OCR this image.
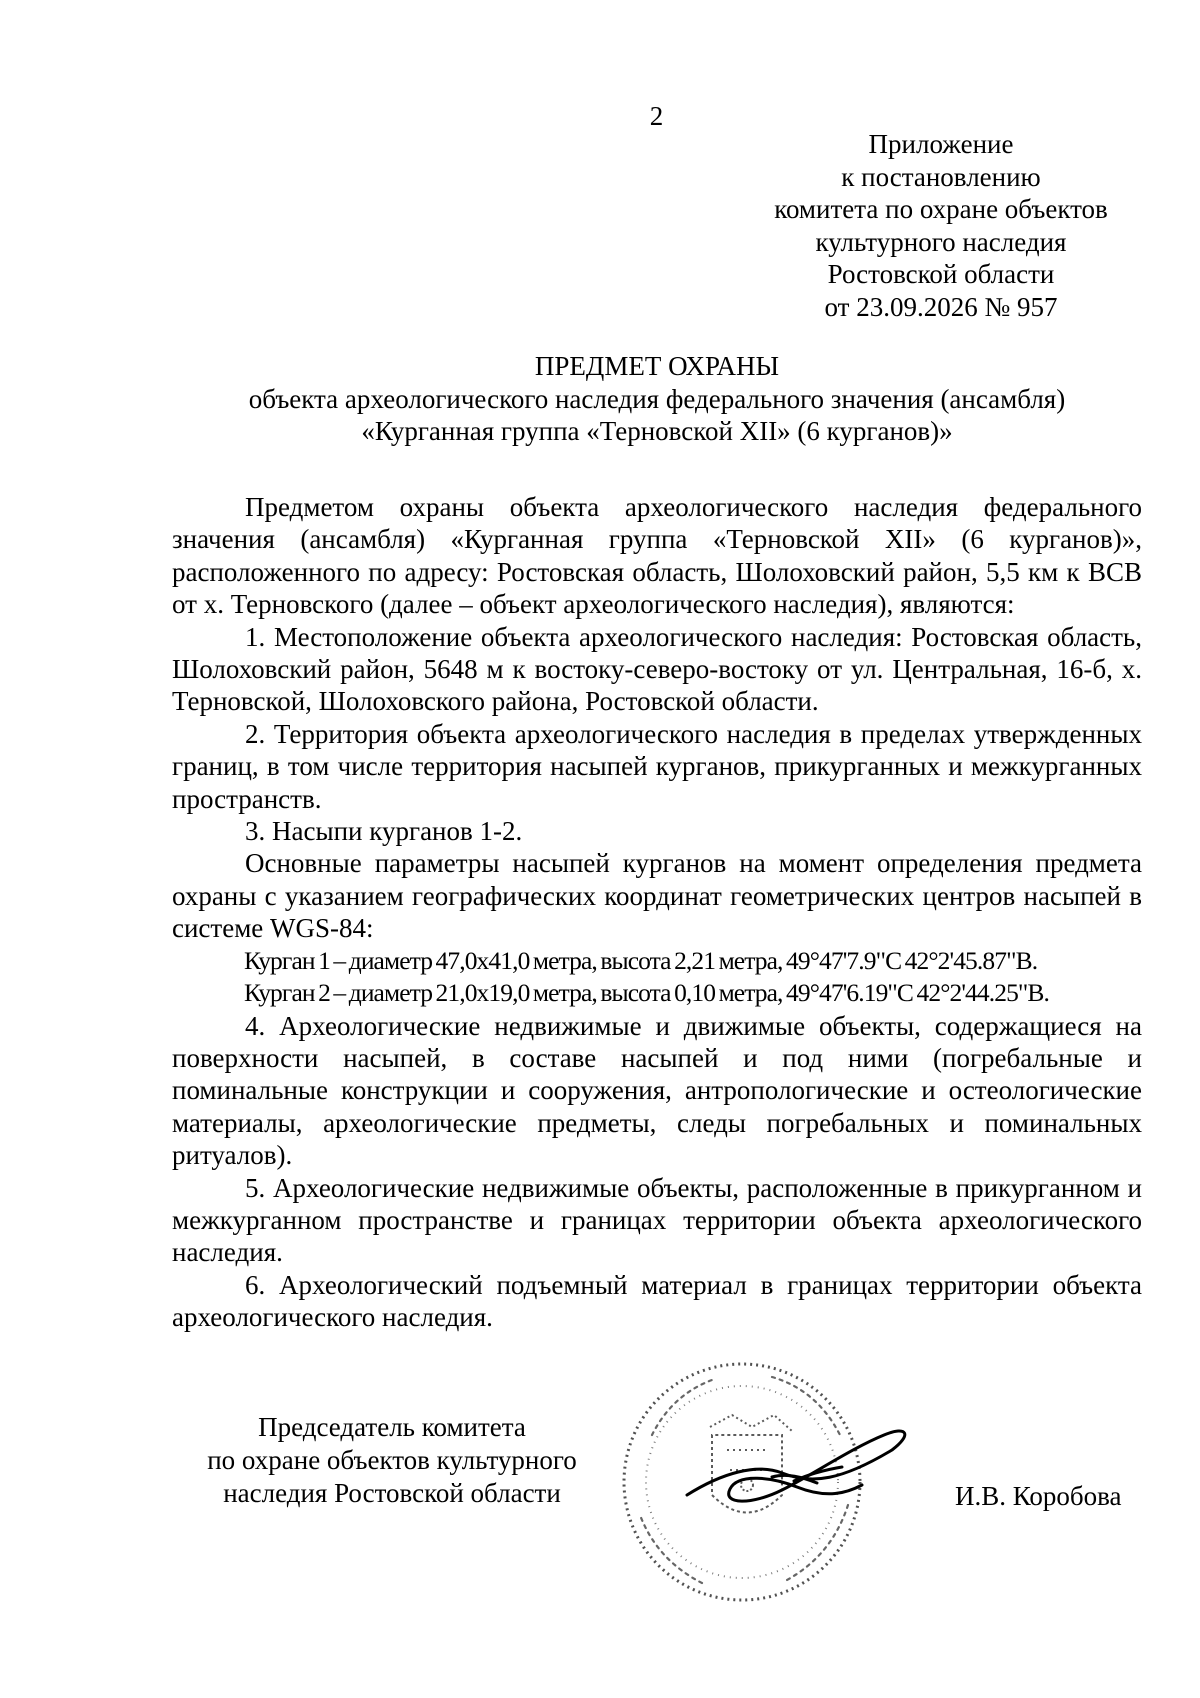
2
Приложение
к постановлению
комитета по охране объектов
культурного наследия
Ростовской области
от 23.09.2026 № 957
ПРЕДМЕТ ОХРАНЫ
объекта археологического наследия федерального значения (ансамбля)
«Курганная группа «Терновской XII» (6 курганов)»

Предметом охраны объекта археологического наследия федерального значения (ансамбля) «Курганная группа «Терновской XII» (6 курганов)», расположенного по адресу: Ростовская область, Шолоховский район, 5,5 км к ВСВ от х. Терновского (далее – объект археологического наследия), являются:

1. Местоположение объекта археологического наследия: Ростовская область, Шолоховский район, 5648 м к востоку-северо-востоку от ул. Центральная, 16-б, х. Терновской, Шолоховского района, Ростовской области.

2. Территория объекта археологического наследия в пределах утвержденных границ, в том числе территория насыпей курганов, прикурганных и межкурганных пространств.

3. Насыпи курганов 1-2.

Основные параметры насыпей курганов на момент определения предмета охраны с указанием географических координат геометрических центров насыпей в системе WGS-84:

Курган 1 – диаметр 47,0х41,0 метра, высота 2,21 метра, 49°47'7.9"С 42°2'45.87"В.

Курган 2 – диаметр 21,0х19,0 метра, высота 0,10 метра, 49°47'6.19"С 42°2'44.25"В.

4. Археологические недвижимые и движимые объекты, содержащиеся на поверхности насыпей, в составе насыпей и под ними (погребальные и поминальные конструкции и сооружения, антропологические и остеологические материалы, археологические предметы, следы погребальных и поминальных ритуалов).

5. Археологические недвижимые объекты, расположенные в прикурганном и межкурганном пространстве и границах территории объекта археологического наследия.

6. Археологический подъемный материал в границах территории объекта археологического наследия.

Председатель комитета
по охране объектов культурного
наследия Ростовской области	И.В. Коробова
